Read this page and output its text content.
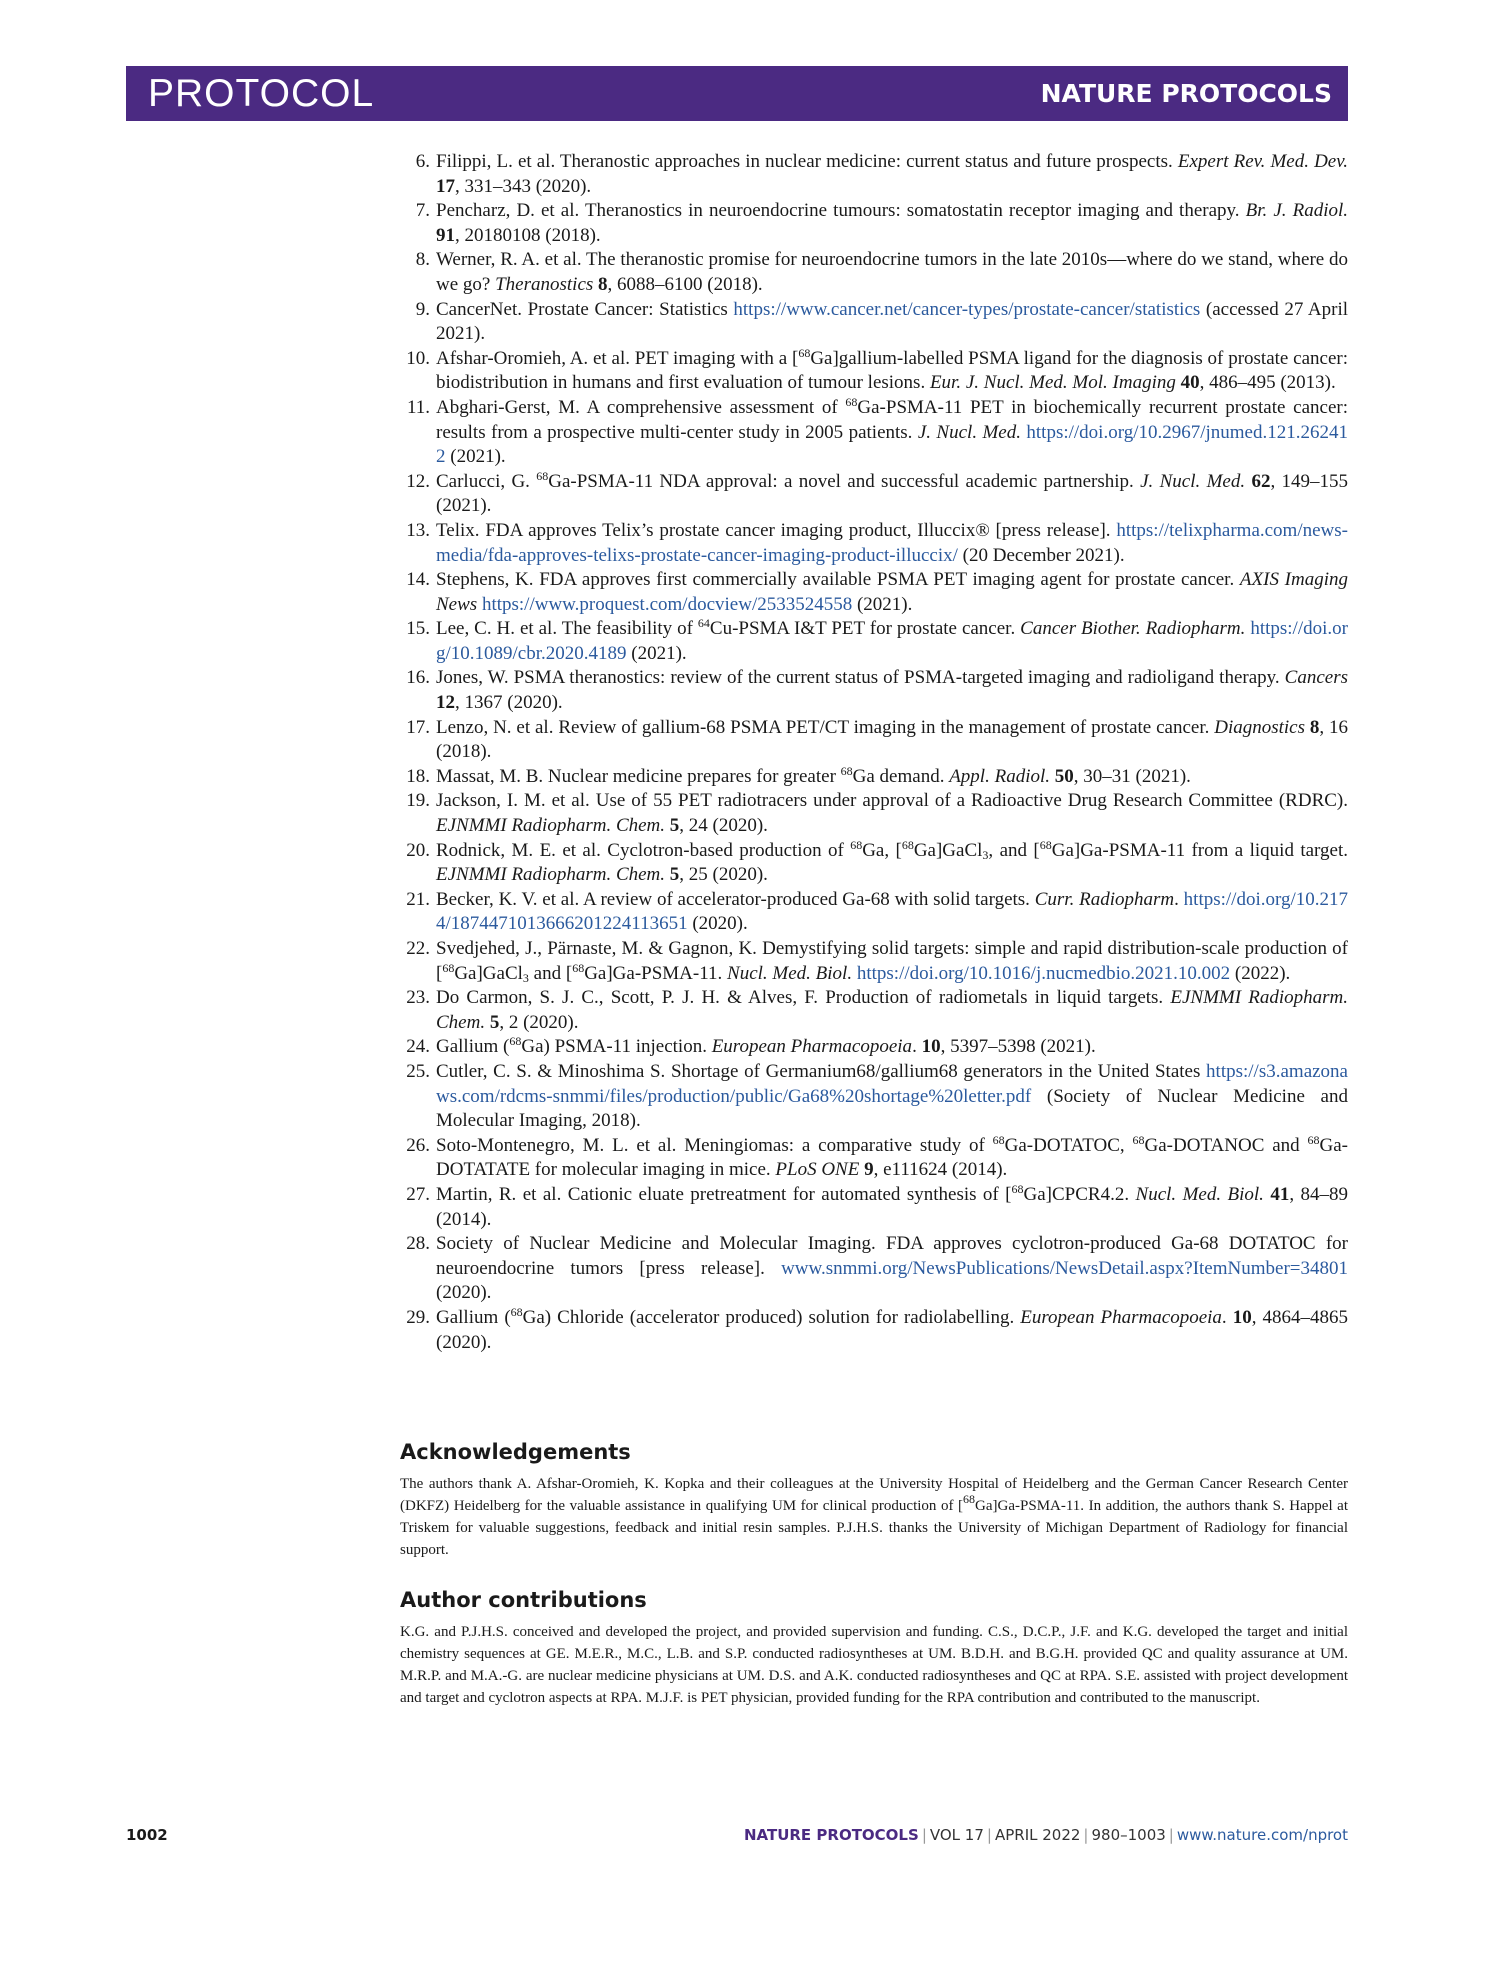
PROTOCOL	NATURE PROTOCOLS
6. Filippi, L. et al. Theranostic approaches in nuclear medicine: current status and future prospects. Expert Rev. Med. Dev. 17, 331–343 (2020).
7. Pencharz, D. et al. Theranostics in neuroendocrine tumours: somatostatin receptor imaging and therapy. Br. J. Radiol. 91, 20180108 (2018).
8. Werner, R. A. et al. The theranostic promise for neuroendocrine tumors in the late 2010s—where do we stand, where do we go? Theranostics 8, 6088–6100 (2018).
9. CancerNet. Prostate Cancer: Statistics https://www.cancer.net/cancer-types/prostate-cancer/statistics (accessed 27 April 2021).
10. Afshar-Oromieh, A. et al. PET imaging with a [$^{68}$Ga]gallium-labelled PSMA ligand for the diagnosis of prostate cancer: biodistribution in humans and first evaluation of tumour lesions. Eur. J. Nucl. Med. Mol. Imaging 40, 486–495 (2013).
11. Abghari-Gerst, M. A comprehensive assessment of $^{68}$Ga-PSMA-11 PET in biochemically recurrent prostate cancer: results from a prospective multi-center study in 2005 patients. J. Nucl. Med. https://doi.org/10.2967/jnumed.121.262412 (2021).
12. Carlucci, G. $^{68}$Ga-PSMA-11 NDA approval: a novel and successful academic partnership. J. Nucl. Med. 62, 149–155 (2021).
13. Telix. FDA approves Telix’s prostate cancer imaging product, Illuccix® [press release]. https://telixpharma.com/news-media/fda-approves-telixs-prostate-cancer-imaging-product-illuccix/ (20 December 2021).
14. Stephens, K. FDA approves first commercially available PSMA PET imaging agent for prostate cancer. AXIS Imaging News https://www.proquest.com/docview/2533524558 (2021).
15. Lee, C. H. et al. The feasibility of $^{64}$Cu-PSMA I&T PET for prostate cancer. Cancer Biother. Radiopharm. https://doi.org/10.1089/cbr.2020.4189 (2021).
16. Jones, W. PSMA theranostics: review of the current status of PSMA-targeted imaging and radioligand therapy. Cancers 12, 1367 (2020).
17. Lenzo, N. et al. Review of gallium-68 PSMA PET/CT imaging in the management of prostate cancer. Diagnostics 8, 16 (2018).
18. Massat, M. B. Nuclear medicine prepares for greater $^{68}$Ga demand. Appl. Radiol. 50, 30–31 (2021).
19. Jackson, I. M. et al. Use of 55 PET radiotracers under approval of a Radioactive Drug Research Committee (RDRC). EJNMMI Radiopharm. Chem. 5, 24 (2020).
20. Rodnick, M. E. et al. Cyclotron-based production of $^{68}$Ga, [$^{68}$Ga]GaCl$_3$, and [$^{68}$Ga]Ga-PSMA-11 from a liquid target. EJNMMI Radiopharm. Chem. 5, 25 (2020).
21. Becker, K. V. et al. A review of accelerator-produced Ga-68 with solid targets. Curr. Radiopharm. https://doi.org/10.2174/1874471013666201224113651 (2020).
22. Svedjehed, J., Pärnaste, M. & Gagnon, K. Demystifying solid targets: simple and rapid distribution-scale production of [$^{68}$Ga]GaCl$_3$ and [$^{68}$Ga]Ga-PSMA-11. Nucl. Med. Biol. https://doi.org/10.1016/j.nucmedbio.2021.10.002 (2022).
23. Do Carmon, S. J. C., Scott, P. J. H. & Alves, F. Production of radiometals in liquid targets. EJNMMI Radiopharm. Chem. 5, 2 (2020).
24. Gallium ($^{68}$Ga) PSMA-11 injection. European Pharmacopoeia. 10, 5397–5398 (2021).
25. Cutler, C. S. & Minoshima S. Shortage of Germanium68/gallium68 generators in the United States https://s3.amazonaws.com/rdcms-snmmi/files/production/public/Ga68%20shortage%20letter.pdf (Society of Nuclear Medicine and Molecular Imaging, 2018).
26. Soto-Montenegro, M. L. et al. Meningiomas: a comparative study of $^{68}$Ga-DOTATOC, $^{68}$Ga-DOTANOC and $^{68}$Ga-DOTATATE for molecular imaging in mice. PLoS ONE 9, e111624 (2014).
27. Martin, R. et al. Cationic eluate pretreatment for automated synthesis of [$^{68}$Ga]CPCR4.2. Nucl. Med. Biol. 41, 84–89 (2014).
28. Society of Nuclear Medicine and Molecular Imaging. FDA approves cyclotron-produced Ga-68 DOTATOC for neuroendocrine tumors [press release]. www.snmmi.org/NewsPublications/NewsDetail.aspx?ItemNumber=34801 (2020).
29. Gallium ($^{68}$Ga) Chloride (accelerator produced) solution for radiolabelling. European Pharmacopoeia. 10, 4864–4865 (2020).
Acknowledgements
The authors thank A. Afshar-Oromieh, K. Kopka and their colleagues at the University Hospital of Heidelberg and the German Cancer Research Center (DKFZ) Heidelberg for the valuable assistance in qualifying UM for clinical production of [$^{68}$Ga]Ga-PSMA-11. In addition, the authors thank S. Happel at Triskem for valuable suggestions, feedback and initial resin samples. P.J.H.S. thanks the University of Michigan Department of Radiology for financial support.
Author contributions
K.G. and P.J.H.S. conceived and developed the project, and provided supervision and funding. C.S., D.C.P., J.F. and K.G. developed the target and initial chemistry sequences at GE. M.E.R., M.C., L.B. and S.P. conducted radiosyntheses at UM. B.D.H. and B.G.H. provided QC and quality assurance at UM. M.R.P. and M.A.-G. are nuclear medicine physicians at UM. D.S. and A.K. conducted radiosyntheses and QC at RPA. S.E. assisted with project development and target and cyclotron aspects at RPA. M.J.F. is PET physician, provided funding for the RPA contribution and contributed to the manuscript.
1002	NATURE PROTOCOLS | VOL 17 | APRIL 2022 | 980–1003 | www.nature.com/nprot
